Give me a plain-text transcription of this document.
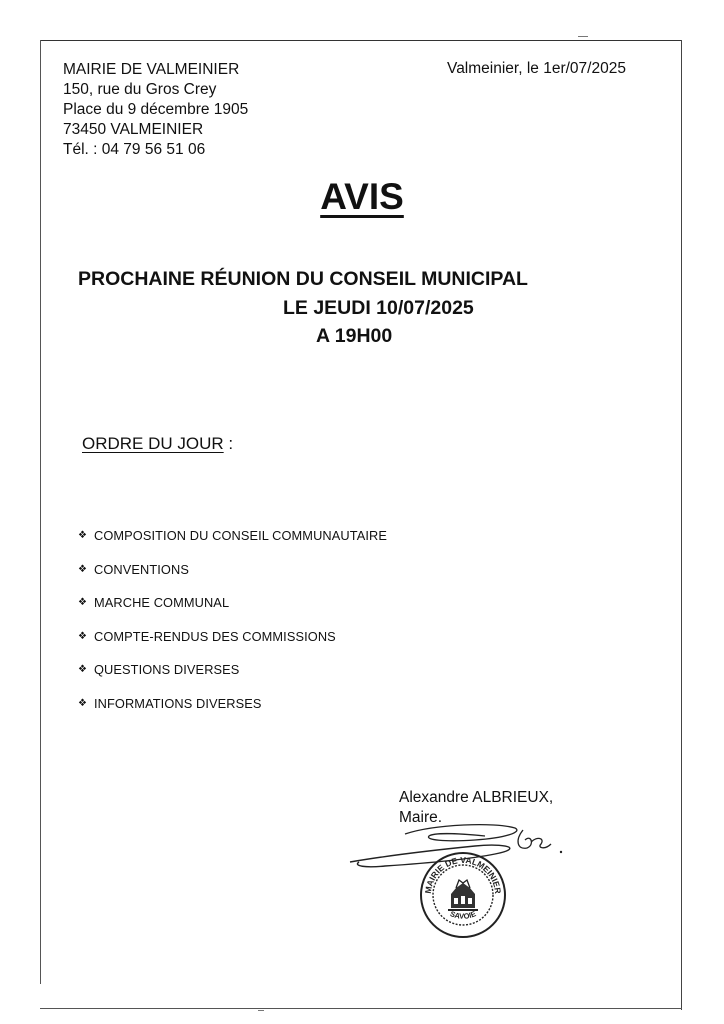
MAIRIE DE VALMEINIER
150, rue du Gros Crey
Place du 9 décembre 1905
73450 VALMEINIER
Tél. : 04 79 56 51 06
Valmeinier, le 1er/07/2025
AVIS
PROCHAINE RÉUNION DU CONSEIL MUNICIPAL
LE JEUDI 10/07/2025
A 19H00
ORDRE DU JOUR :
❖ COMPOSITION DU CONSEIL COMMUNAUTAIRE
❖ CONVENTIONS
❖ MARCHE COMMUNAL
❖ COMPTE-RENDUS DES COMMISSIONS
❖ QUESTIONS DIVERSES
❖ INFORMATIONS DIVERSES
Alexandre ALBRIEUX,
Maire.
MAIRIE DE VALMEINIER
SAVOIE
